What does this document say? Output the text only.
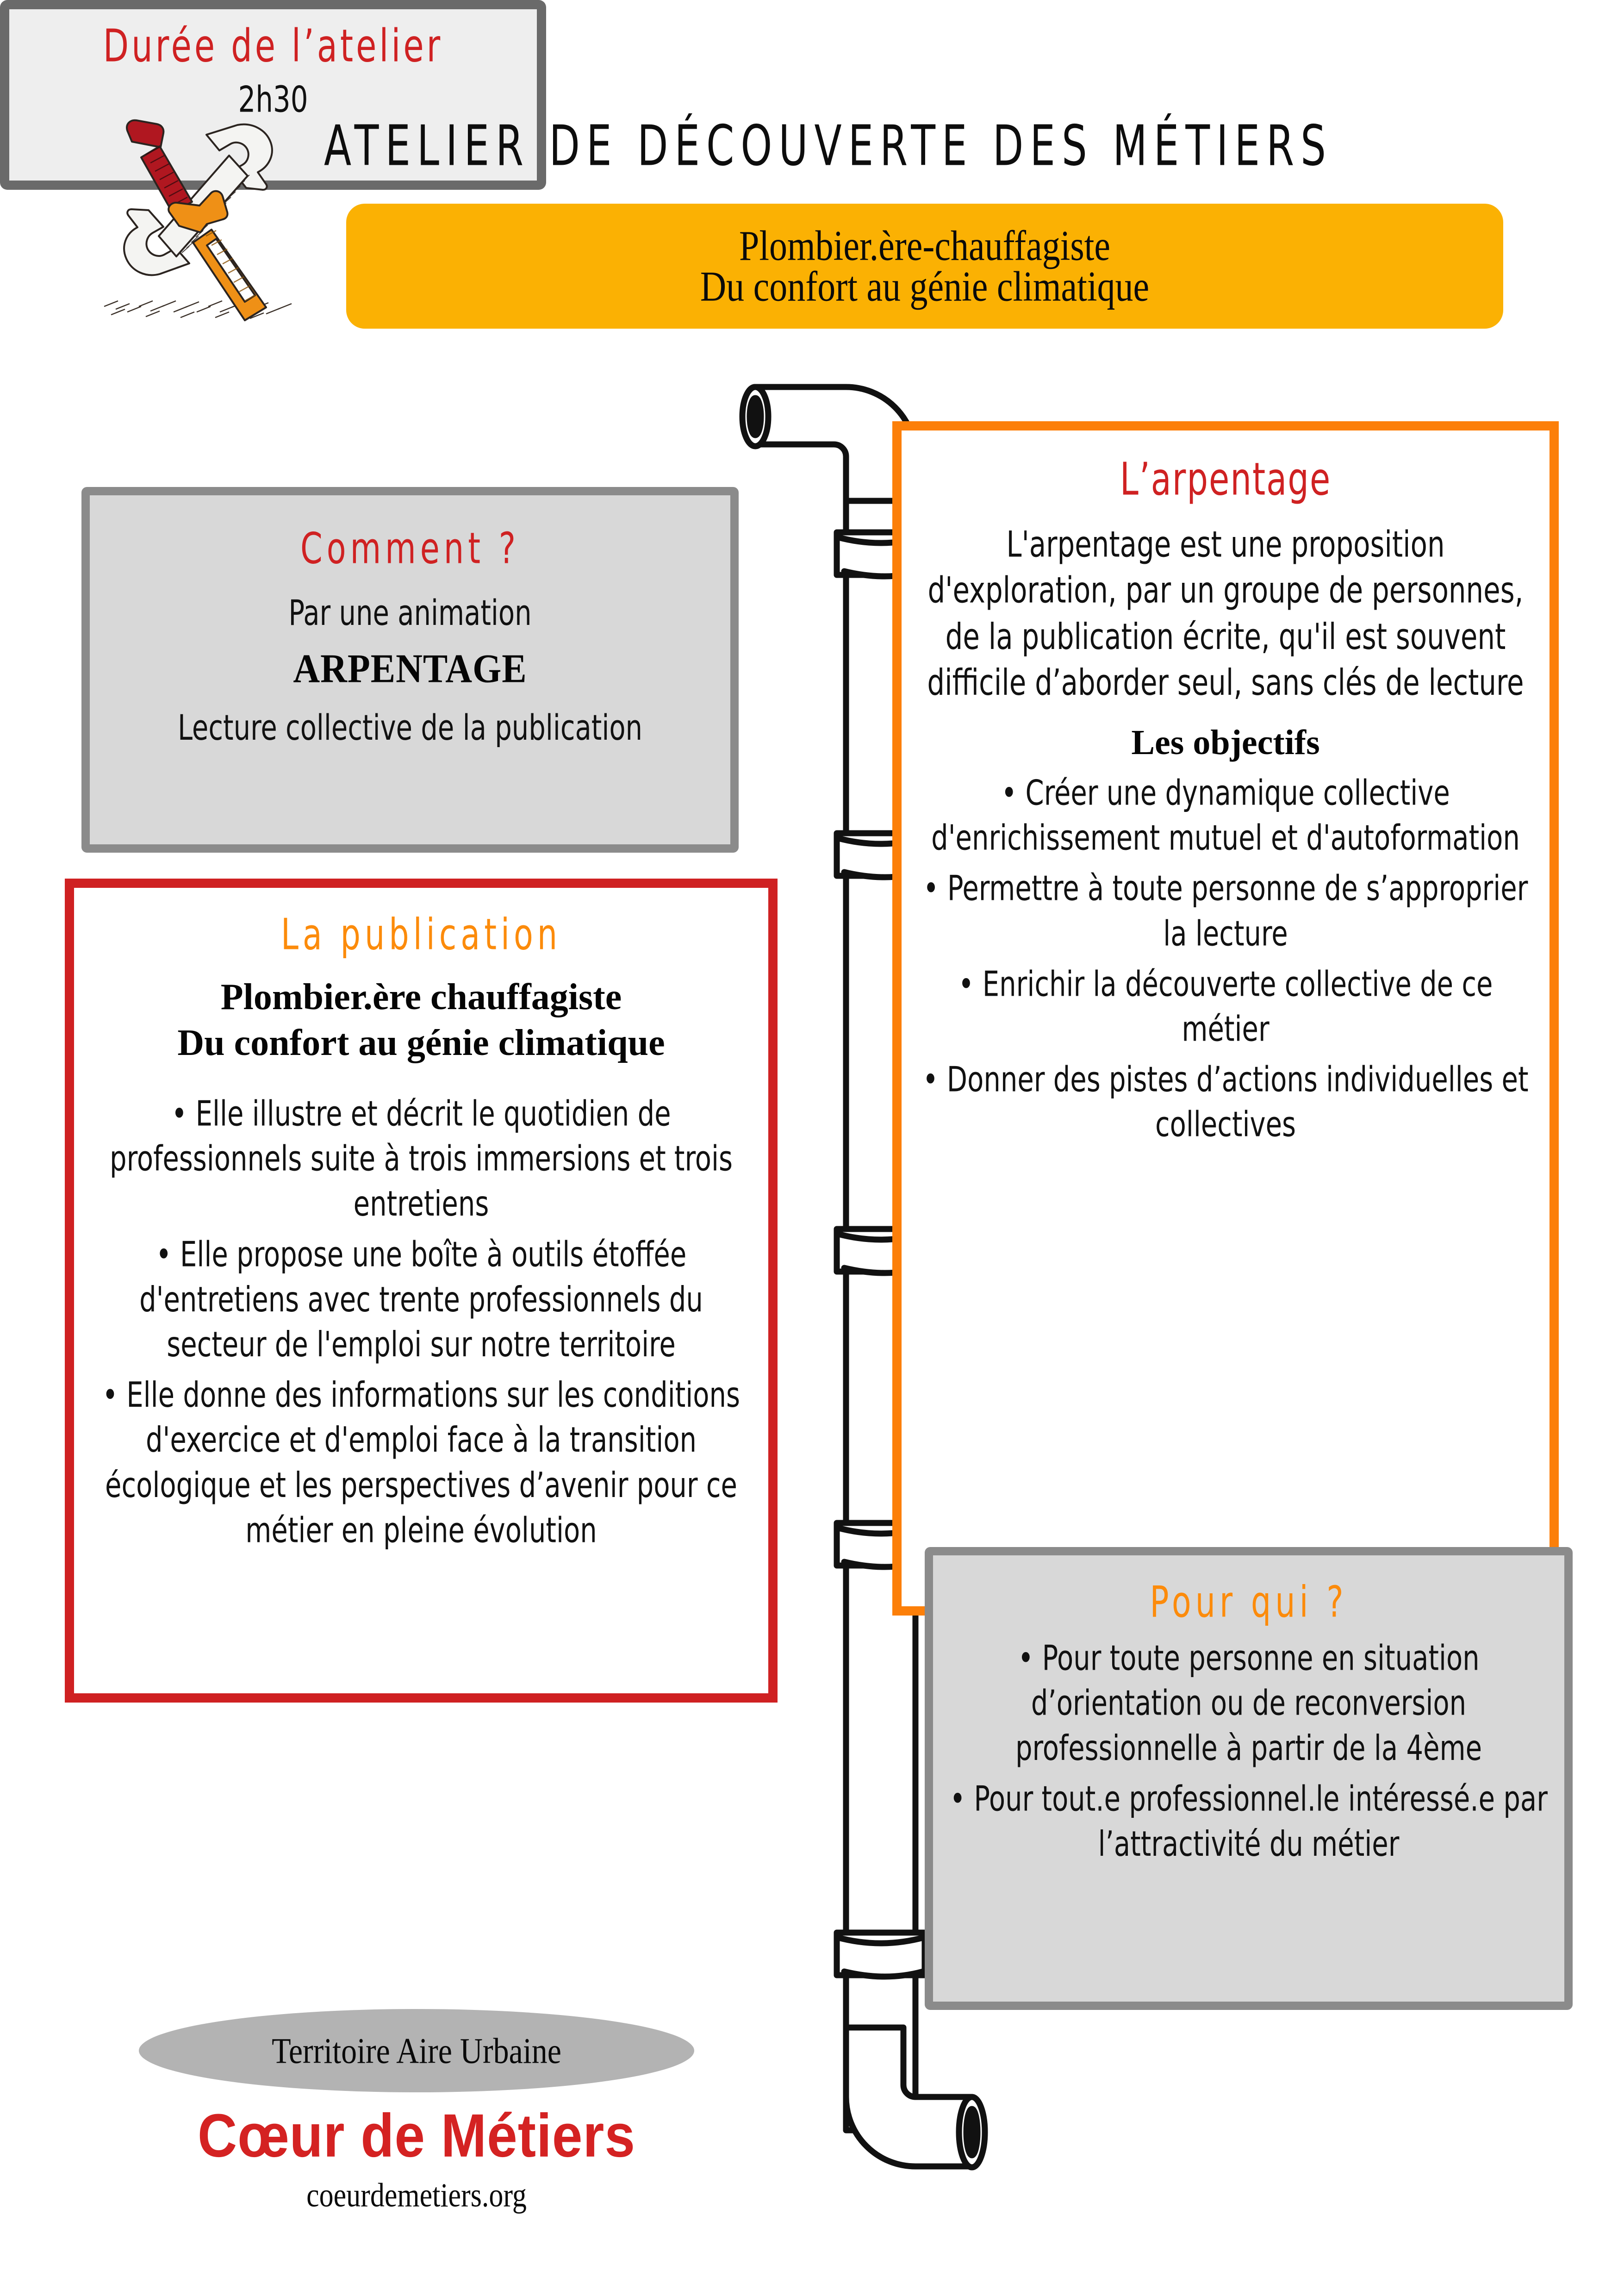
ATELIER DE DÉCOUVERTE DES MÉTIERS
Plombier.ère-chauffagiste
Du confort au génie climatique
Comment ?
Par une animation
ARPENTAGE
Lecture collective de la publication
L’arpentage
L'arpentage est une proposition d'exploration, par un groupe de personnes, de la publication écrite, qu'il est souvent difficile d’aborder seul, sans clés de lecture
Les objectifs

• Créer une dynamique collective d'enrichissement mutuel et d'autoformation

• Permettre à toute personne de s’approprier la lecture

• Enrichir la découverte collective de ce métier

• Donner des pistes d’actions individuelles et collectives

La publication
Plombier.ère chauffagiste
Du confort au génie climatique

• Elle illustre et décrit le quotidien de professionnels suite à trois immersions et trois entretiens

• Elle propose une boîte à outils étoffée d'entretiens avec trente professionnels du secteur de l'emploi sur notre territoire

• Elle donne des informations sur les conditions d'exercice et d'emploi face à la transition écologique et les perspectives d’avenir pour ce métier en pleine évolution

Pour qui ?

• Pour toute personne en situation d’orientation ou de reconversion professionnelle à partir de la 4ème

• Pour tout.e professionnel.le intéressé.e par l’attractivité du métier

Durée de l’atelier
2h30
Territoire Aire Urbaine
Cœur de Métiers
coeurdemetiers.org
